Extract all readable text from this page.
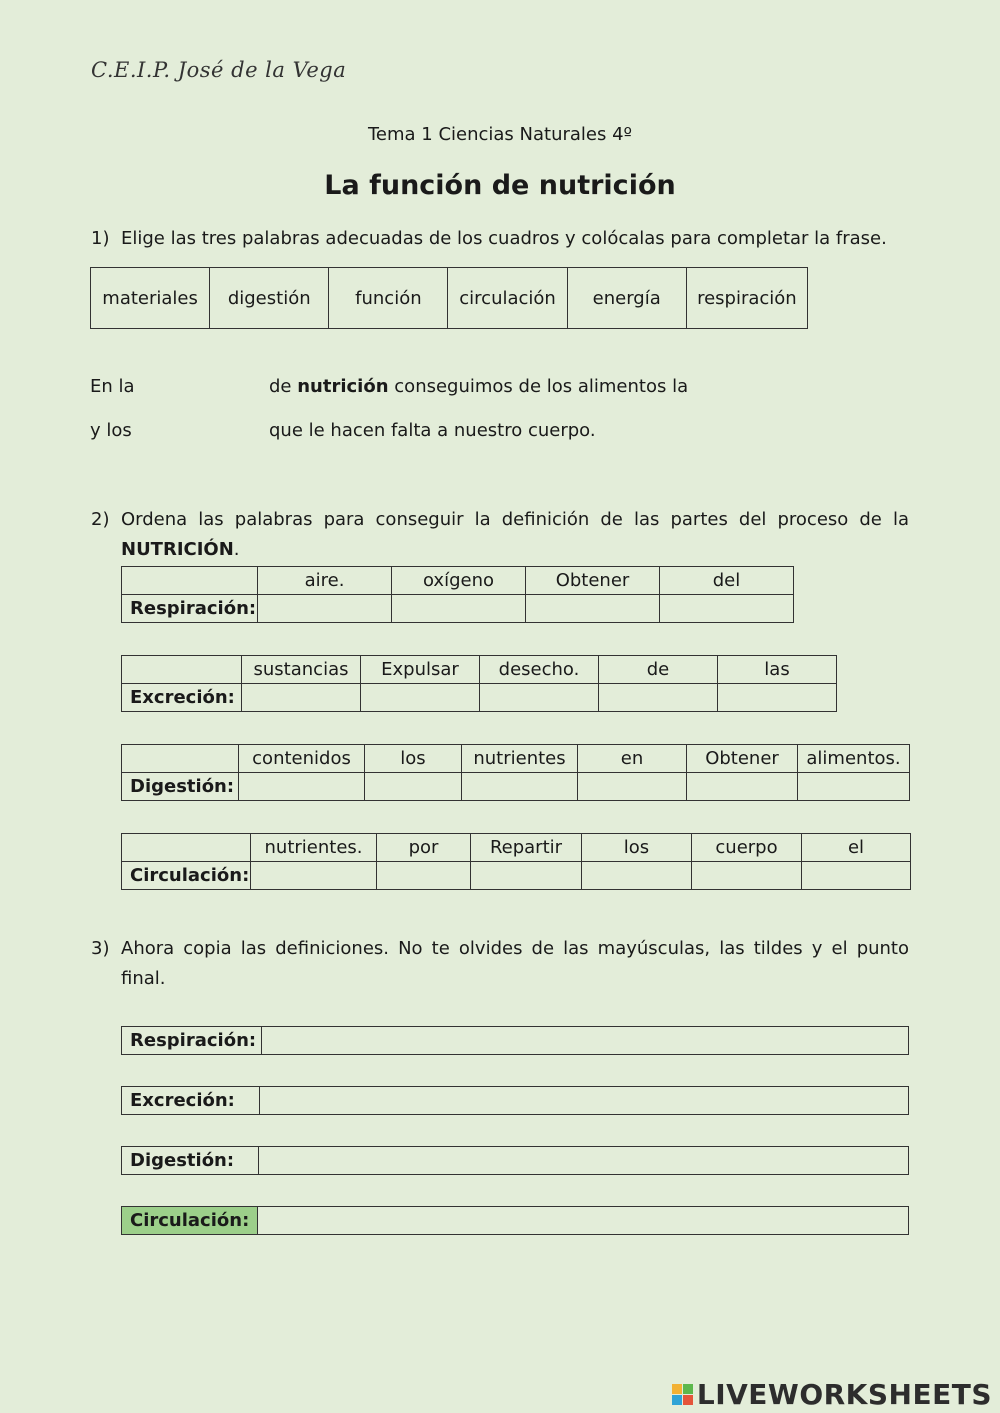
C.E.I.P. José de la Vega
Tema 1 Ciencias Naturales 4º
La función de nutrición
1) Elige las tres palabras adecuadas de los cuadros y colócalas para completar la frase.
materiales	digestión	función	circulación	energía	respiración
En la	de nutrición conseguimos de los alimentos la
y los	que le hacen falta a nuestro cuerpo.
2) Ordena las palabras para conseguir la definición de las partes del proceso de la NUTRICIÓN.
	aire.	oxígeno	Obtener	del
Respiración:				
	sustancias	Expulsar	desecho.	de	las
Excreción:					
	contenidos	los	nutrientes	en	Obtener	alimentos.
Digestión:						
	nutrientes.	por	Repartir	los	cuerpo	el
Circulación:						
3) Ahora copia las definiciones. No te olvides de las mayúsculas, las tildes y el punto final.
Respiración:	
Excreción:	
Digestión:	
Circulación:	
LIVEWORKSHEETS
